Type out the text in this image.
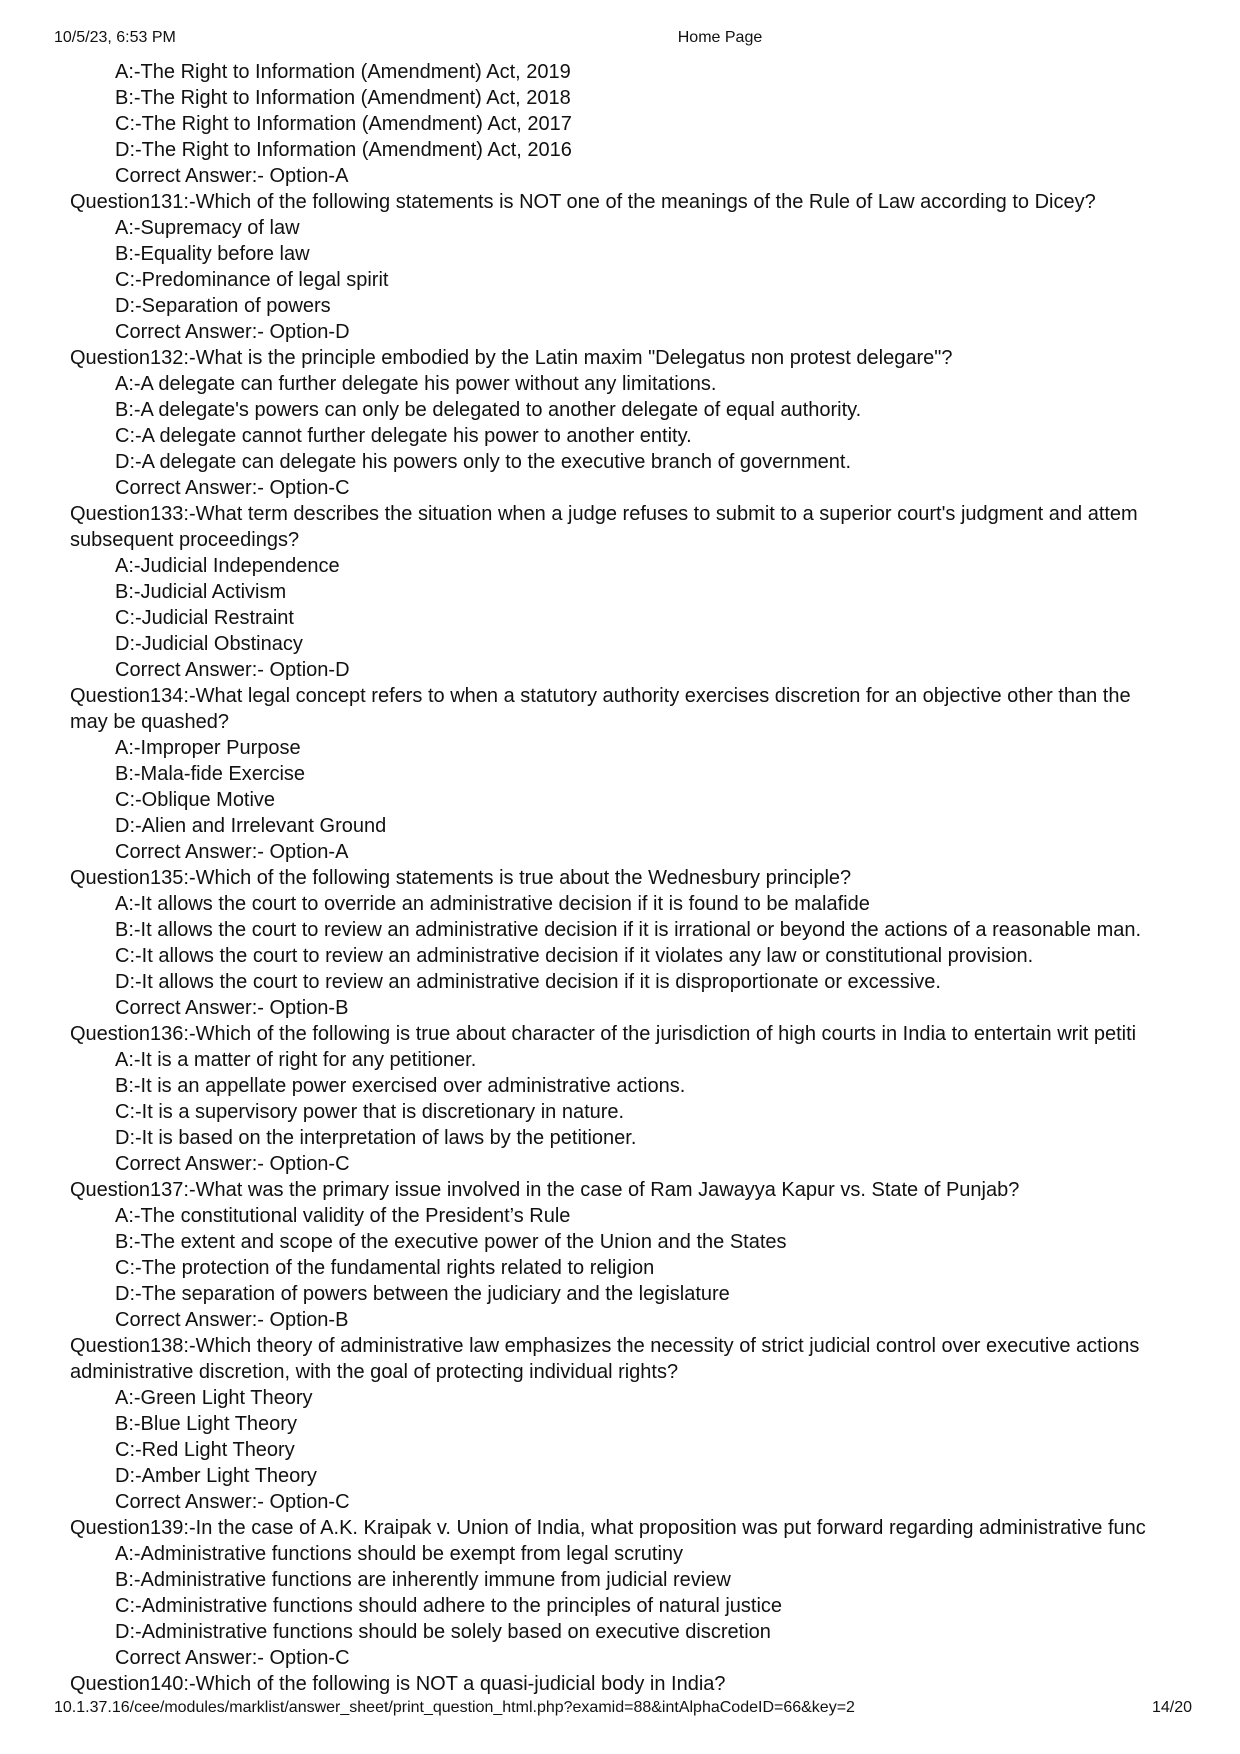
10/5/23, 6:53 PM	Home Page
A:-The Right to Information (Amendment) Act, 2019
B:-The Right to Information (Amendment) Act, 2018
C:-The Right to Information (Amendment) Act, 2017
D:-The Right to Information (Amendment) Act, 2016
Correct Answer:- Option-A
Question131:-Which of the following statements is NOT one of the meanings of the Rule of Law according to Dicey?
A:-Supremacy of law
B:-Equality before law
C:-Predominance of legal spirit
D:-Separation of powers
Correct Answer:- Option-D
Question132:-What is the principle embodied by the Latin maxim "Delegatus non protest delegare"?
A:-A delegate can further delegate his power without any limitations.
B:-A delegate's powers can only be delegated to another delegate of equal authority.
C:-A delegate cannot further delegate his power to another entity.
D:-A delegate can delegate his powers only to the executive branch of government.
Correct Answer:- Option-C
Question133:-What term describes the situation when a judge refuses to submit to a superior court's judgment and attem
subsequent proceedings?
A:-Judicial Independence
B:-Judicial Activism
C:-Judicial Restraint
D:-Judicial Obstinacy
Correct Answer:- Option-D
Question134:-What legal concept refers to when a statutory authority exercises discretion for an objective other than the
may be quashed?
A:-Improper Purpose
B:-Mala-fide Exercise
C:-Oblique Motive
D:-Alien and Irrelevant Ground
Correct Answer:- Option-A
Question135:-Which of the following statements is true about the Wednesbury principle?
A:-It allows the court to override an administrative decision if it is found to be malafide
B:-It allows the court to review an administrative decision if it is irrational or beyond the actions of a reasonable man.
C:-It allows the court to review an administrative decision if it violates any law or constitutional provision.
D:-It allows the court to review an administrative decision if it is disproportionate or excessive.
Correct Answer:- Option-B
Question136:-Which of the following is true about character of the jurisdiction of high courts in India to entertain writ petiti
A:-It is a matter of right for any petitioner.
B:-It is an appellate power exercised over administrative actions.
C:-It is a supervisory power that is discretionary in nature.
D:-It is based on the interpretation of laws by the petitioner.
Correct Answer:- Option-C
Question137:-What was the primary issue involved in the case of Ram Jawayya Kapur vs. State of Punjab?
A:-The constitutional validity of the President’s Rule
B:-The extent and scope of the executive power of the Union and the States
C:-The protection of the fundamental rights related to religion
D:-The separation of powers between the judiciary and the legislature
Correct Answer:- Option-B
Question138:-Which theory of administrative law emphasizes the necessity of strict judicial control over executive actions
administrative discretion, with the goal of protecting individual rights?
A:-Green Light Theory
B:-Blue Light Theory
C:-Red Light Theory
D:-Amber Light Theory
Correct Answer:- Option-C
Question139:-In the case of A.K. Kraipak v. Union of India, what proposition was put forward regarding administrative func
A:-Administrative functions should be exempt from legal scrutiny
B:-Administrative functions are inherently immune from judicial review
C:-Administrative functions should adhere to the principles of natural justice
D:-Administrative functions should be solely based on executive discretion
Correct Answer:- Option-C
Question140:-Which of the following is NOT a quasi-judicial body in India?
10.1.37.16/cee/modules/marklist/answer_sheet/print_question_html.php?examid=88&intAlphaCodeID=66&key=2	14/20
